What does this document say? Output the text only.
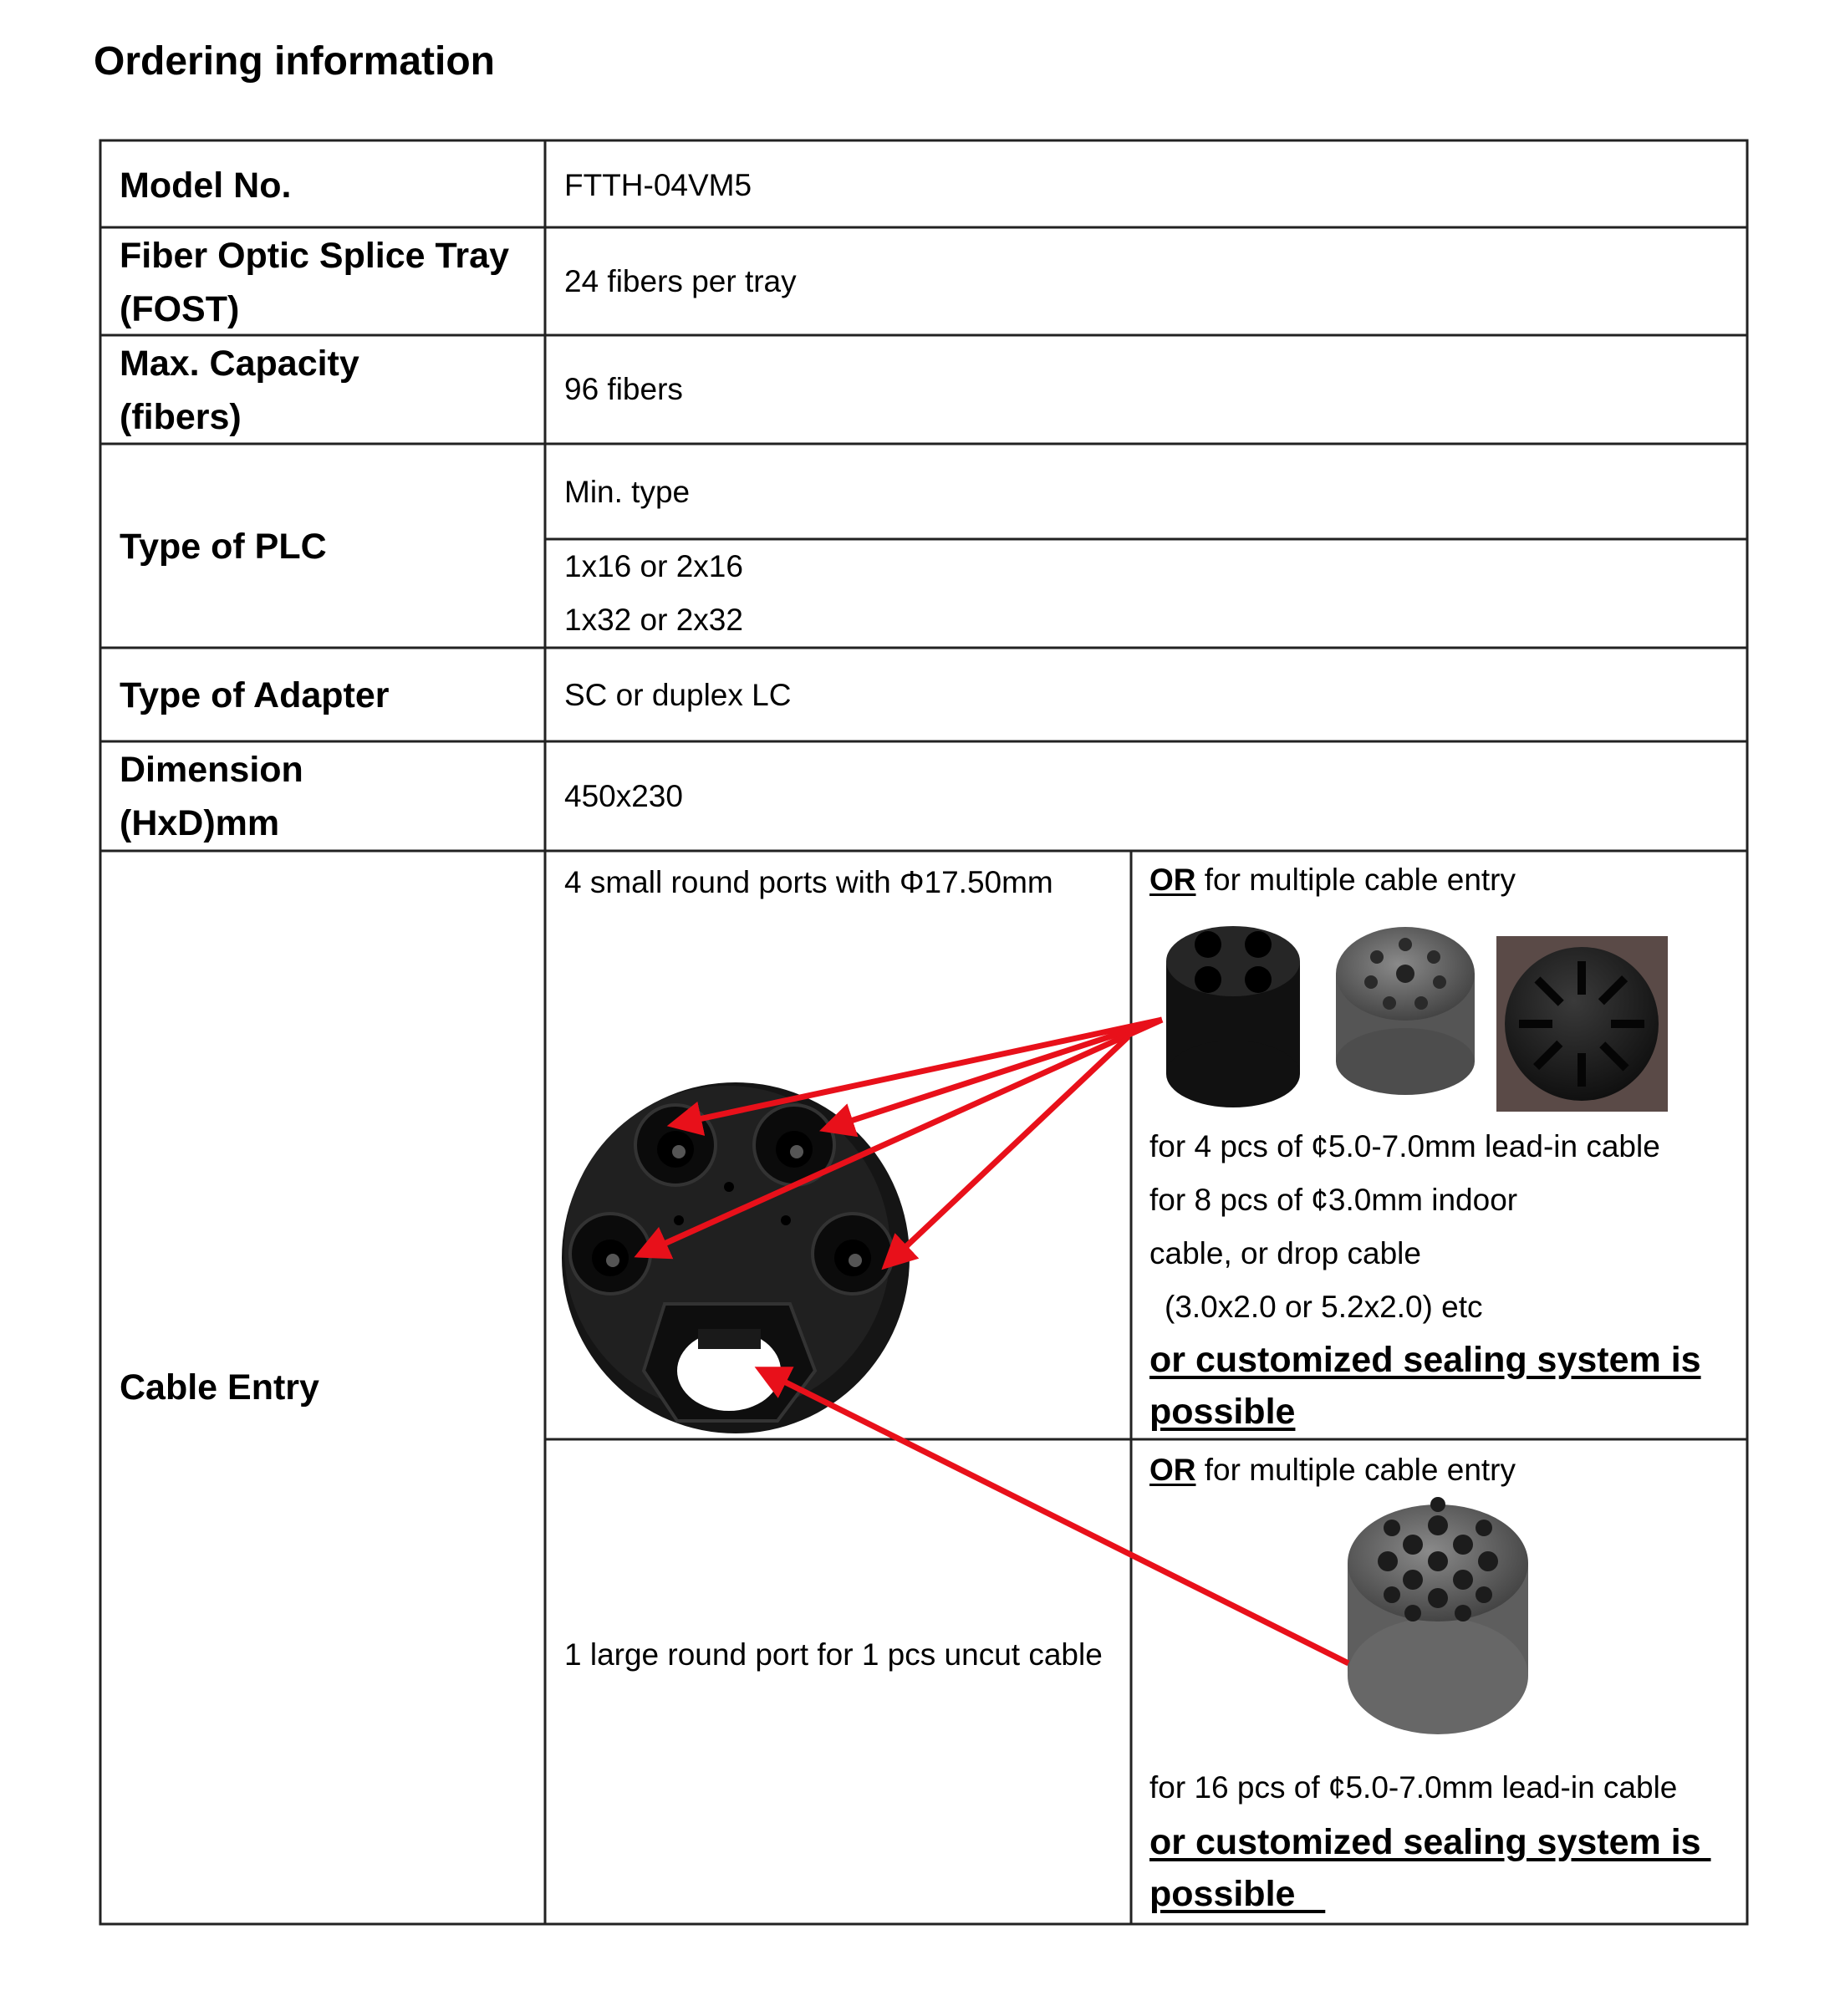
Ordering information
Model No.	FTTH-04VM5
Fiber Optic Splice Tray
(FOST)
24 fibers per tray
Max. Capacity
(fibers)
96 fibers
Type of PLC
Min. type
1x16 or 2x16
1x32 or 2x32
Type of Adapter	SC or duplex LC
Dimension
(HxD)mm
450x230
Cable Entry
4 small round ports with Φ17.50mm
1 large round port for 1 pcs uncut cable
OR for multiple cable entry
for 4 pcs of ¢5.0-7.0mm lead-in cable
for 8 pcs of ¢3.0mm indoor
cable, or drop cable
(3.0x2.0 or 5.2x2.0) etc
or customized sealing system is
possible
OR for multiple cable entry
for 16 pcs of ¢5.0-7.0mm lead-in cable
or customized sealing system is
possible
